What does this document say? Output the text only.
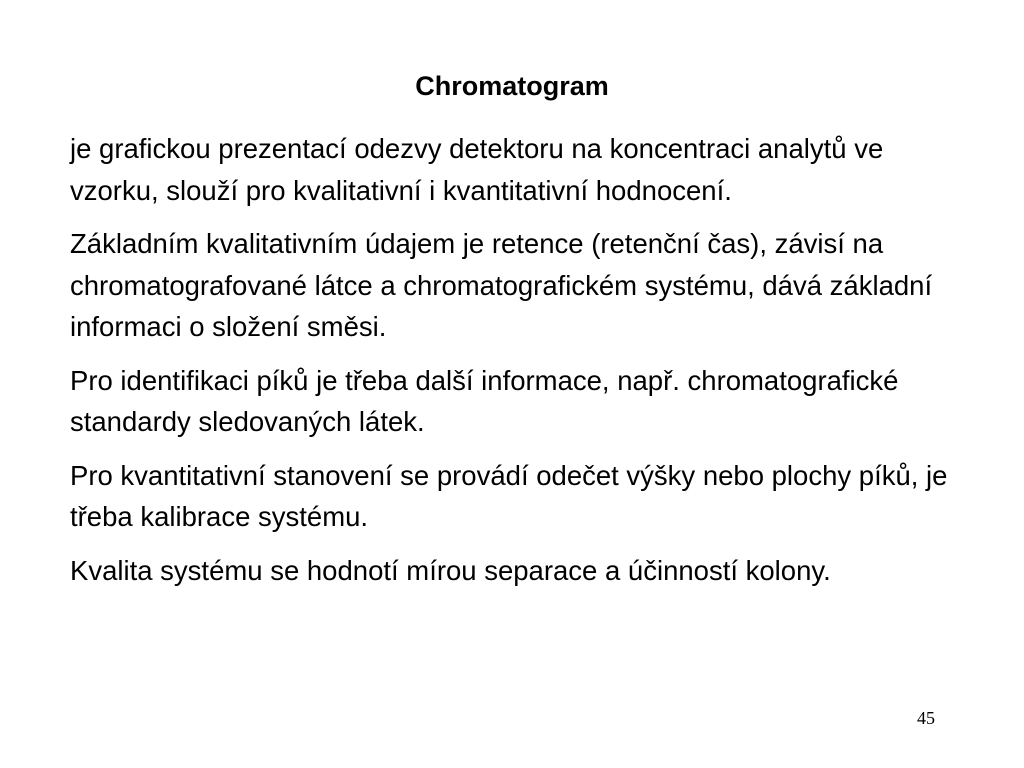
Chromatogram

je grafickou prezentací odezvy detektoru na koncentraci analytů ve vzorku, slouží pro kvalitativní i kvantitativní hodnocení.

Základním kvalitativním údajem je retence (retenční čas), závisí na chromatografované látce a chromatografickém systému, dává základní informaci o složení směsi.

Pro identifikaci píků je třeba další informace, např. chromatografické standardy sledovaných látek.

Pro kvantitativní stanovení se provádí odečet výšky nebo plochy píků, je třeba kalibrace systému.

Kvalita systému se hodnotí mírou separace a účinností kolony.

45
